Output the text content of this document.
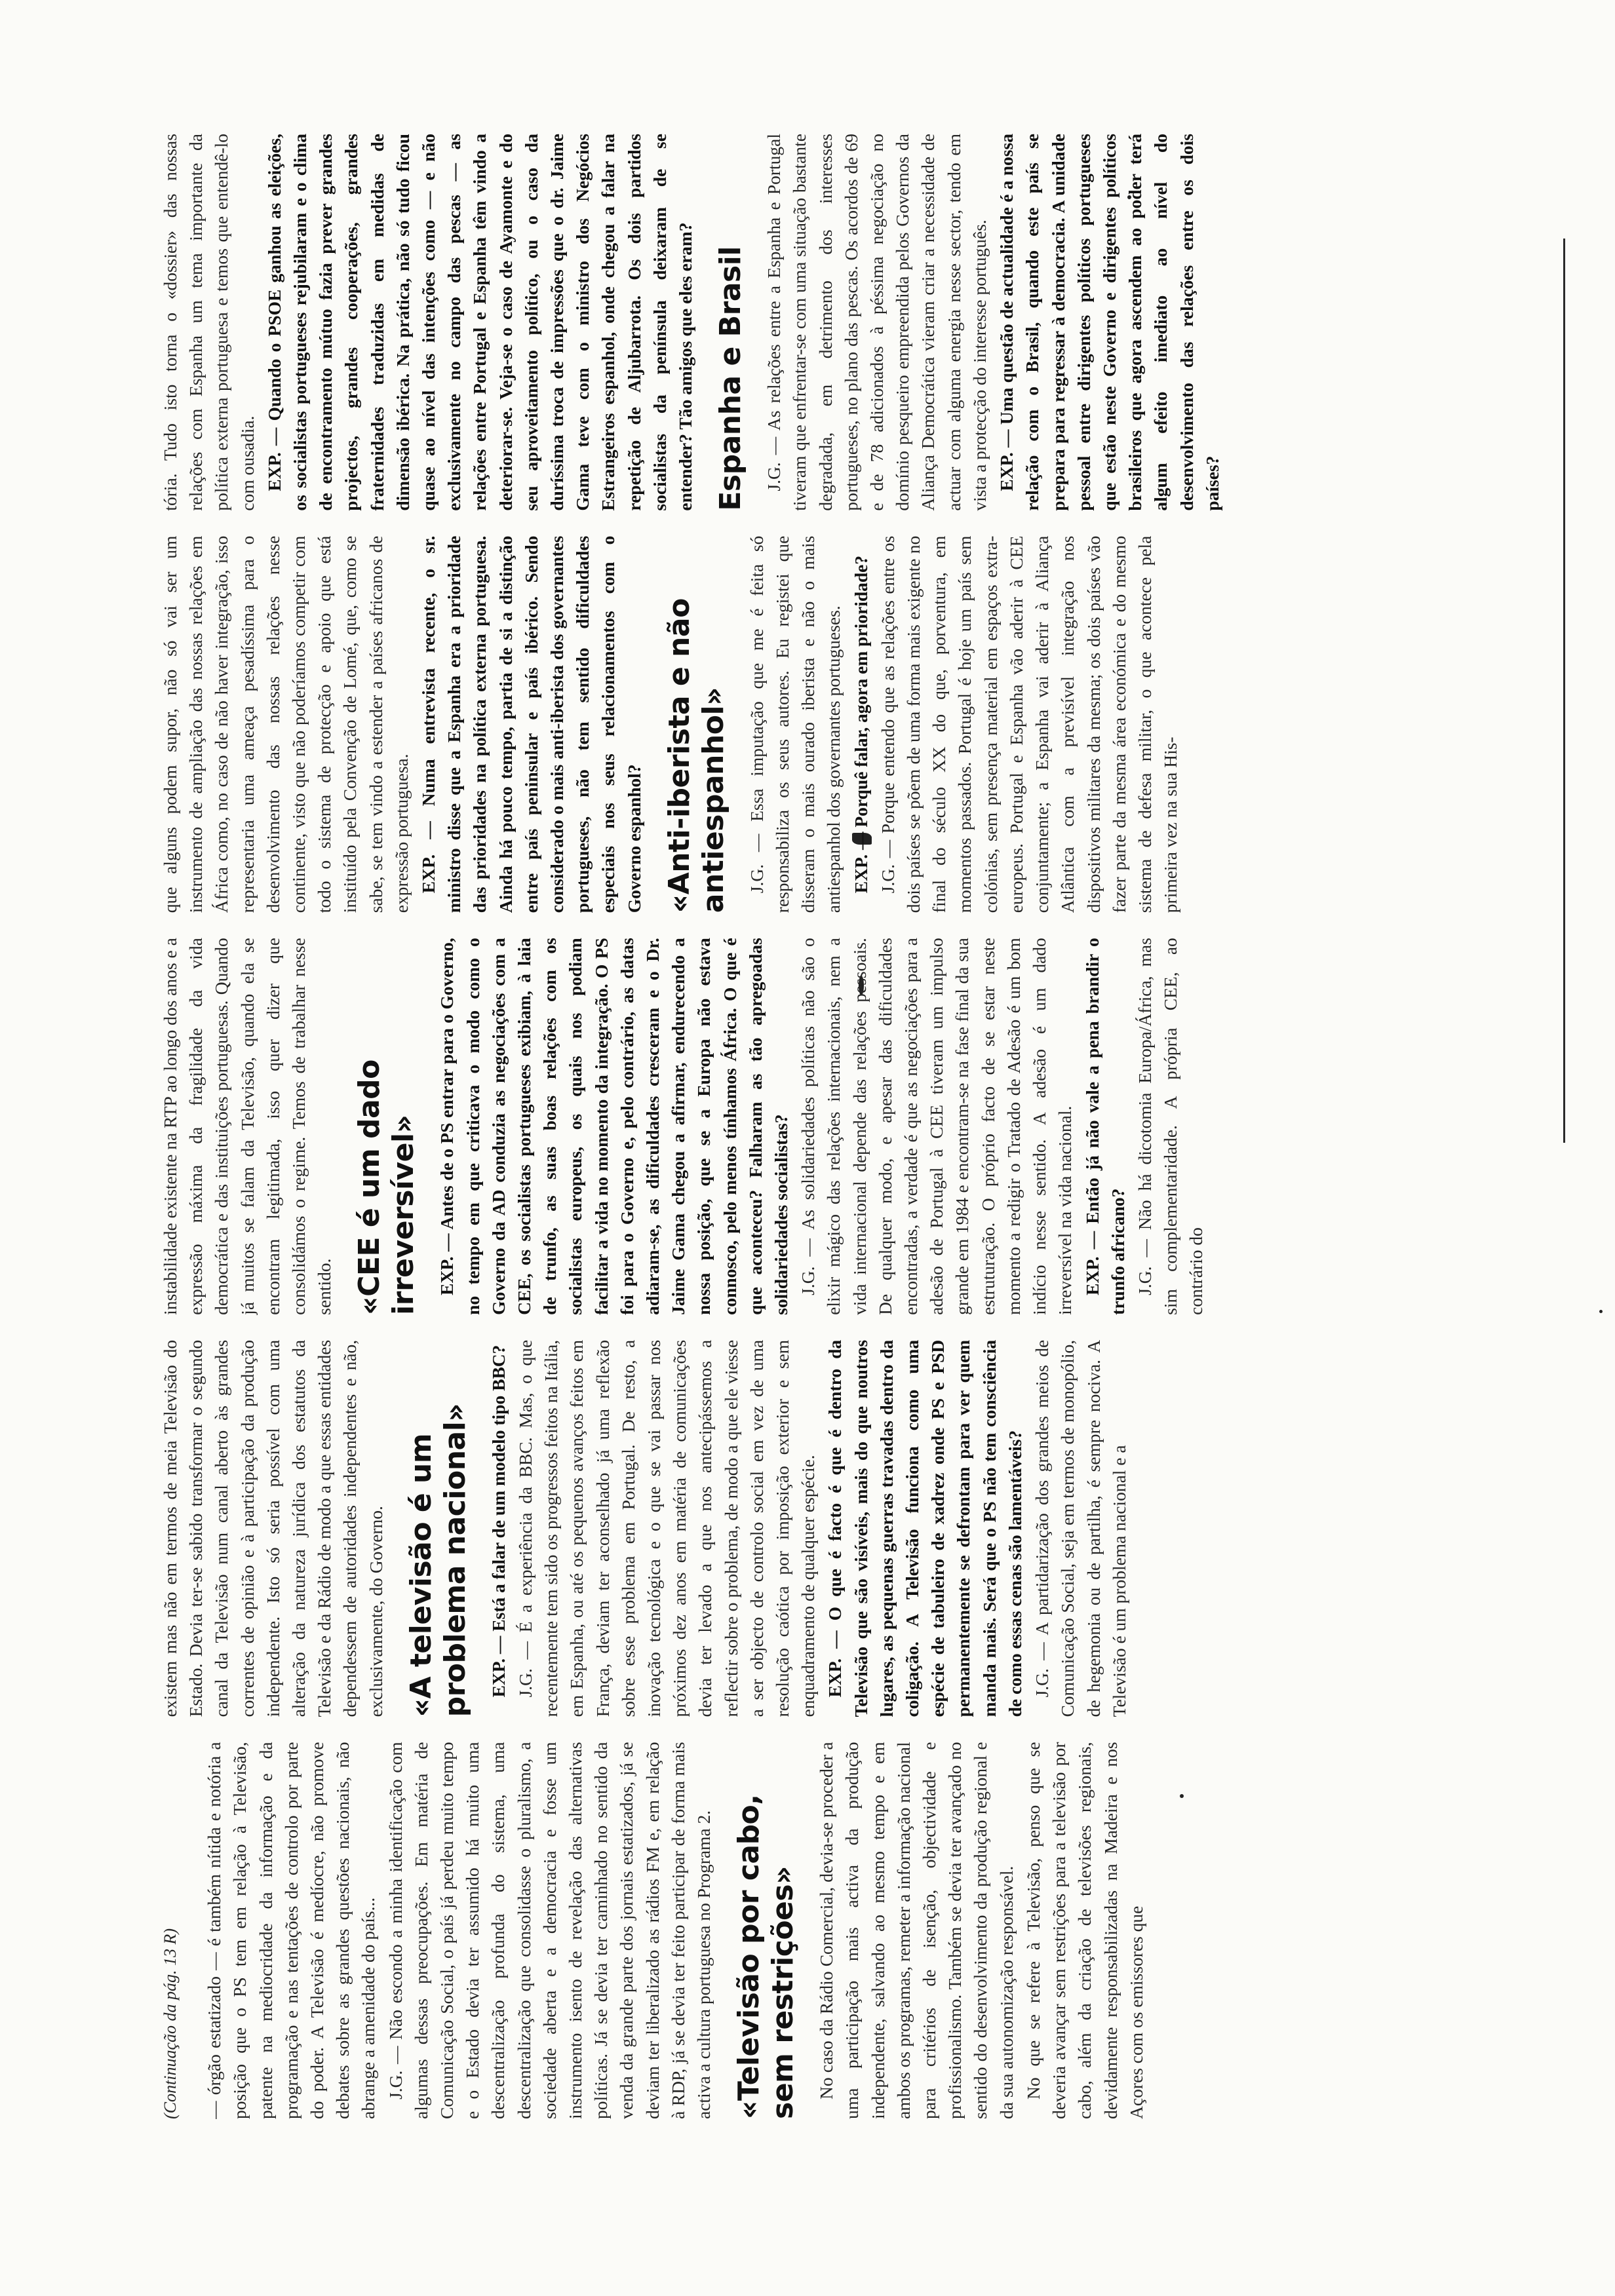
(Continuação da pág. 13 R) — órgão estatizado — é também nítida e notória a posição que o PS tem em relação à Televisão, patente na mediocridade da informação e da programação e nas tentações de controlo por parte do poder. A Televisão é medíocre, não promove debates sobre as grandes questões nacionais, não abrange a amenidade do país... J.G. — Não escondo a minha identificação com algumas dessas preocupações. Em matéria de Comunicação Social, o país já perdeu muito tempo e o Estado devia ter assumido há muito uma descentralização profunda do sistema, uma descentralização que consolidasse o pluralismo, a sociedade aberta e a democracia e fosse um instrumento isento de revelação das alternativas políticas. Já se devia ter caminhado no sentido da venda da grande parte dos jornais estatizados, já se deviam ter liberalizado as rádios FM e, em relação à RDP, já se devia ter feito participar de forma mais activa a cultura portuguesa no Programa 2. «Televisão por cabo, sem restrições» No caso da Rádio Comercial, devia-se proceder a uma participação mais activa da produção independente, salvando ao mesmo tempo e em ambos os programas, remeter a informação nacional para critérios de isenção, objectividade e profissionalismo. Também se devia ter avançado no sentido do desenvolvimento da produção regional e da sua autonomização responsável. No que se refere à Televisão, penso que se deveria avançar sem restrições para a televisão por cabo, além da criação de televisões regionais, devidamente responsabilizadas na Madeira e nos Açores com os emissores que

existem mas não em termos de meia Televisão do Estado. Devia ter-se sabido transformar o segundo canal da Televisão num canal aberto às grandes correntes de opinião e à participação da produção independente. Isto só seria possível com uma alteração da natureza jurídica dos estatutos da Televisão e da Rádio de modo a que essas entidades dependessem de autoridades independentes e não, exclusivamente, do Governo. «A televisão é um problema nacional» EXP. — Está a falar de um modelo tipo BBC? J.G. — É a experiência da BBC. Mas, o que recentemente tem sido os progressos feitos na Itália, em Espanha, ou até os pequenos avanços feitos em França, deviam ter aconselhado já uma reflexão sobre esse problema em Portugal. De resto, a inovação tecnológica e o que se vai passar nos próximos dez anos em matéria de comunicações devia ter levado a que nos antecipássemos a reflectir sobre o problema, de modo a que ele viesse a ser objecto de controlo social em vez de uma resolução caótica por imposição exterior e sem enquadramento de qualquer espécie. EXP. — O que é facto é que é dentro da Televisão que são visíveis, mais do que noutros lugares, as pequenas guerras travadas dentro da coligação. A Televisão funciona como uma espécie de tabuleiro de xadrez onde PS e PSD permanentemente se defrontam para ver quem manda mais. Será que o PS não tem consciência de como essas cenas são lamentáveis? J.G. — A partidarização dos grandes meios de Comunicação Social, seja em termos de monopólio, de hegemonia ou de partilha, é sempre nociva. A Televisão é um problema nacional e a

instabilidade existente na RTP ao longo dos anos e a expressão máxima da fragilidade da vida democrática e das instituições portuguesas. Quando já muitos se falam da Televisão, quando ela se encontram legitimada, isso quer dizer que consolidámos o regime. Temos de trabalhar nesse sentido. «CEE é um dado irreversível» EXP. — Antes de o PS entrar para o Governo, no tempo em que criticava o modo como o Governo da AD conduzia as negociações com a CEE, os socialistas portugueses exibiam, à laia de trunfo, as suas boas relações com os socialistas europeus, os quais nos podiam facilitar a vida no momento da integração. O PS foi para o Governo e, pelo contrário, as datas adiaram-se, as dificuldades cresceram e o Dr. Jaime Gama chegou a afirmar, endurecendo a nossa posição, que se a Europa não estava connosco, pelo menos tínhamos África. O que é que aconteceu? Falharam as tão apregoadas solidariedades socialistas? J.G. — As solidariedades políticas não são o elixir mágico das relações internacionais, nem a vida internacional depende das relações pessoais. De qualquer modo, e apesar das dificuldades encontradas, a verdade é que as negociações para a adesão de Portugal à CEE tiveram um impulso grande em 1984 e encontram-se na fase final da sua estruturação. O próprio facto de se estar neste momento a redigir o Tratado de Adesão é um bom indício nesse sentido. A adesão é um dado irreversível na vida nacional. EXP. — Então já não vale a pena brandir o trunfo africano? J.G. — Não há dicotomia Europa/África, mas sim complementaridade. A própria CEE, ao contrário do

que alguns podem supor, não só vai ser um instrumento de ampliação das nossas relações em África como, no caso de não haver integração, isso representaria uma ameaça pesadíssima para o desenvolvimento das nossas relações nesse continente, visto que não poderíamos competir com todo o sistema de protecção e apoio que está instituído pela Convenção de Lomé, que, como se sabe, se tem vindo a estender a países africanos de expressão portuguesa. EXP. — Numa entrevista recente, o sr. ministro disse que a Espanha era a prioridade das prioridades na política externa portuguesa. Ainda há pouco tempo, partia de si a distinção entre país peninsular e país ibérico. Sendo considerado o mais anti-iberista dos governantes portugueses, não tem sentido dificuldades especiais nos seus relacionamentos com o Governo espanhol? «Anti-iberista e não antiespanhol» J.G. — Essa imputação que me é feita só responsabiliza os seus autores. Eu registei que disseram o mais ourado iberista e não o mais antiespanhol dos governantes portugueses. EXP. — Porquê falar, agora em prioridade? J.G. — Porque entendo que as relações entre os dois países se põem de uma forma mais exigente no final do século XX do que, porventura, em momentos passados. Portugal é hoje um país sem colónias, sem presença material em espaços extra-europeus. Portugal e Espanha vão aderir à CEE conjuntamente; a Espanha vai aderir à Aliança Atlântica com a previsível integração nos dispositivos militares da mesma; os dois países vão fazer parte da mesma área económica e do mesmo sistema de defesa militar, o que acontece pela primeira vez na sua His-

tória. Tudo isto torna o «dossier» das nossas relações com Espanha um tema importante da política externa portuguesa e temos que entendê-lo com ousadia. EXP. — Quando o PSOE ganhou as eleições, os socialistas portugueses rejubilaram e o clima de encontramento mútuo fazia prever grandes projectos, grandes cooperações, grandes fraternidades traduzidas em medidas de dimensão ibérica. Na prática, não só tudo ficou quase ao nível das intenções como — e não exclusivamente no campo das pescas — as relações entre Portugal e Espanha têm vindo a deteriorar-se. Veja-se o caso de Ayamonte e do seu aproveitamento político, ou o caso da duríssima troca de impressões que o dr. Jaime Gama teve com o ministro dos Negócios Estrangeiros espanhol, onde chegou a falar na repetição de Aljubarrota. Os dois partidos socialistas da península deixaram de se entender? Tão amigos que eles eram? Espanha e Brasil J.G. — As relações entre a Espanha e Portugal tiveram que enfrentar-se com uma situação bastante degradada, em detrimento dos interesses portugueses, no plano das pescas. Os acordos de 69 e de 78 adicionados à péssima negociação no domínio pesqueiro empreendida pelos Governos da Aliança Democrática vieram criar a necessidade de actuar com alguma energia nesse sector, tendo em vista a protecção do interesse português. EXP. — Uma questão de actualidade é a nossa relação com o Brasil, quando este país se prepara para regressar à democracia. A unidade pessoal entre dirigentes políticos portugueses que estão neste Governo e dirigentes políticos brasileiros que agora ascendem ao poder terá algum efeito imediato ao nível do desenvolvimento das relações entre os dois países?
